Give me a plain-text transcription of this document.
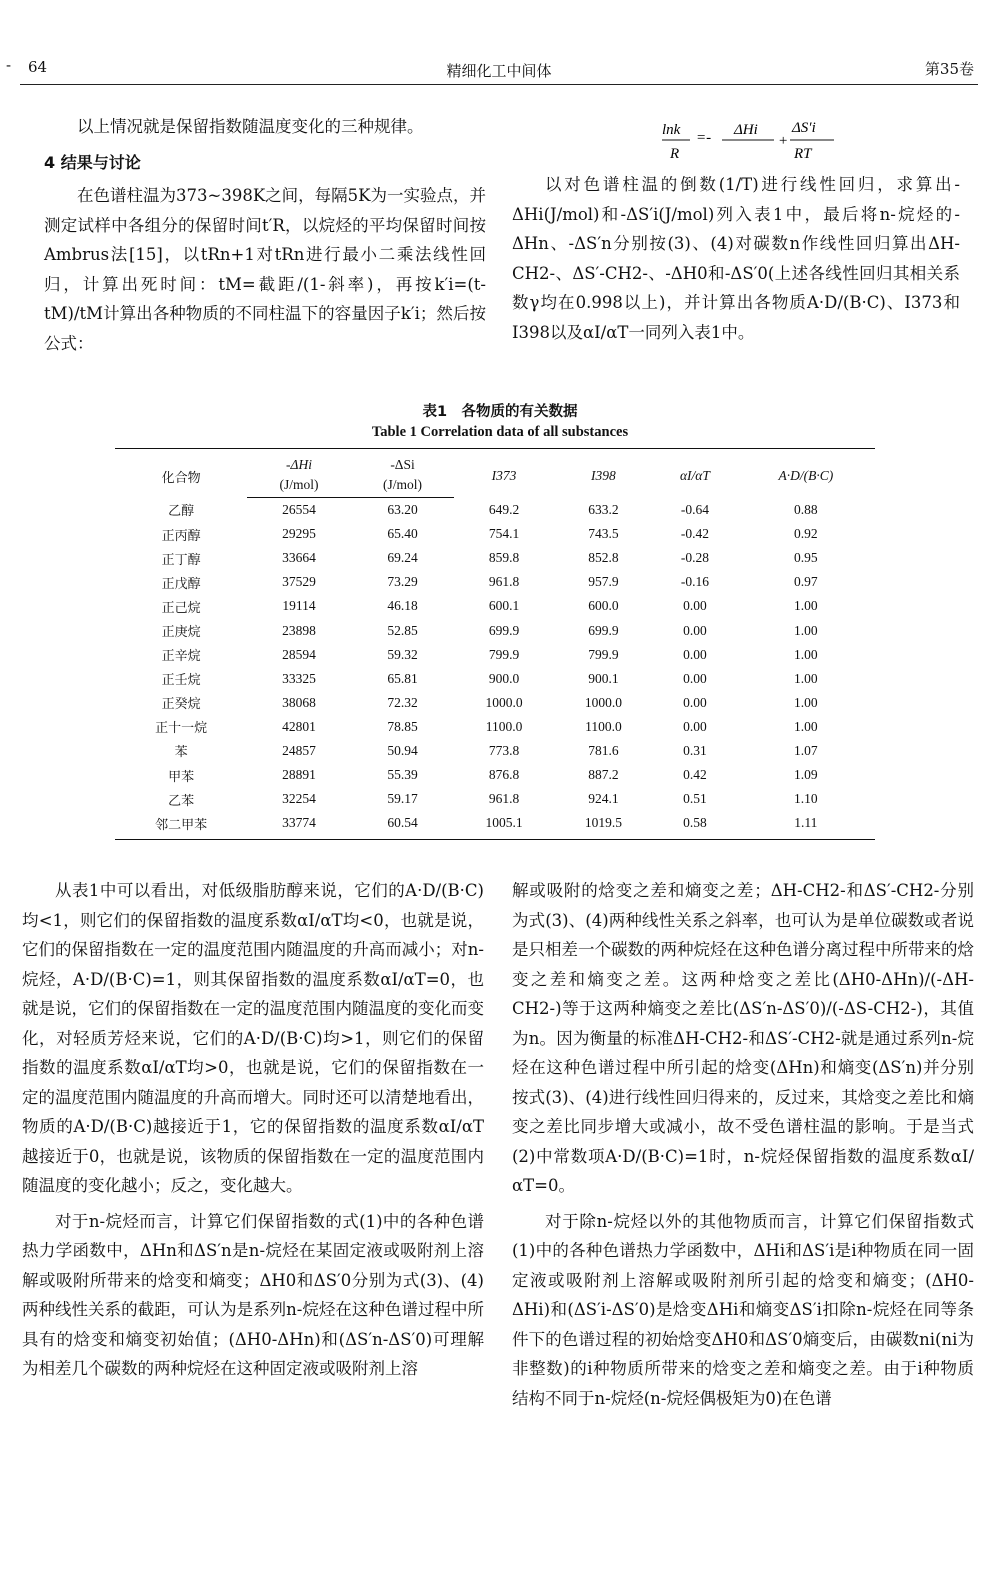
- 64	精细化工中间体	第35卷

以上情况就是保留指数随温度变化的三种规律。

4 结果与讨论

在色谱柱温为373~398K之间，每隔5K为一实验点，并测定试样中各组分的保留时间t′R，以烷烃的平均保留时间按Ambrus法[15]，以tRn+1对tRn进行最小二乘法线性回归，计算出死时间：tM=截距/(1-斜率)，再按k′i=(t-tM)/tM计算出各种物质的不同柱温下的容量因子k′i；然后按公式：

lnk
R
=- ΔHi
+
ΔS′i
RT

以对色谱柱温的倒数(1/T)进行线性回归，求算出-ΔHi(J/mol)和-ΔS′i(J/mol)列入表1中，最后将n-烷烃的-ΔHn、-ΔS′n分别按(3)、(4)对碳数n作线性回归算出ΔH-CH2-、ΔS′-CH2-、-ΔH0和-ΔS′0(上述各线性回归其相关系数γ均在0.998以上)，并计算出各物质A·D/(B·C)、I373和I398以及αI/αT一同列入表1中。

表1　各物质的有关数据
Table 1 Correlation data of all substances
化合物	-ΔHi	-ΔSi	I373	I398	αI/αT	A·D/(B·C)
	(J/mol)	(J/mol)				
乙醇	26554	63.20	649.2	633.2	-0.64	0.88
正丙醇	29295	65.40	754.1	743.5	-0.42	0.92
正丁醇	33664	69.24	859.8	852.8	-0.28	0.95
正戊醇	37529	73.29	961.8	957.9	-0.16	0.97
正己烷	19114	46.18	600.1	600.0	0.00	1.00
正庚烷	23898	52.85	699.9	699.9	0.00	1.00
正辛烷	28594	59.32	799.9	799.9	0.00	1.00
正壬烷	33325	65.81	900.0	900.1	0.00	1.00
正癸烷	38068	72.32	1000.0	1000.0	0.00	1.00
正十一烷	42801	78.85	1100.0	1100.0	0.00	1.00
苯	24857	50.94	773.8	781.6	0.31	1.07
甲苯	28891	55.39	876.8	887.2	0.42	1.09
乙苯	32254	59.17	961.8	924.1	0.51	1.10
邻二甲苯	33774	60.54	1005.1	1019.5	0.58	1.11

从表1中可以看出，对低级脂肪醇来说，它们的A·D/(B·C)均<1，则它们的保留指数的温度系数αI/αT均<0，也就是说，它们的保留指数在一定的温度范围内随温度的升高而减小；对n-烷烃，A·D/(B·C)=1，则其保留指数的温度系数αI/αT=0，也就是说，它们的保留指数在一定的温度范围内随温度的变化而变化，对轻质芳烃来说，它们的A·D/(B·C)均>1，则它们的保留指数的温度系数αI/αT均>0，也就是说，它们的保留指数在一定的温度范围内随温度的升高而增大。同时还可以清楚地看出，物质的A·D/(B·C)越接近于1，它的保留指数的温度系数αI/αT越接近于0，也就是说，该物质的保留指数在一定的温度范围内随温度的变化越小；反之，变化越大。

对于n-烷烃而言，计算它们保留指数的式(1)中的各种色谱热力学函数中，ΔHn和ΔS′n是n-烷烃在某固定液或吸附剂上溶解或吸附所带来的焓变和熵变；ΔH0和ΔS′0分别为式(3)、(4)两种线性关系的截距，可认为是系列n-烷烃在这种色谱过程中所具有的焓变和熵变初始值；(ΔH0-ΔHn)和(ΔS′n-ΔS′0)可理解为相差几个碳数的两种烷烃在这种固定液或吸附剂上溶

解或吸附的焓变之差和熵变之差；ΔH-CH2-和ΔS′-CH2-分别为式(3)、(4)两种线性关系之斜率，也可认为是单位碳数或者说是只相差一个碳数的两种烷烃在这种色谱分离过程中所带来的焓变之差和熵变之差。这两种焓变之差比(ΔH0-ΔHn)/(-ΔH-CH2-)等于这两种熵变之差比(ΔS′n-ΔS′0)/(-ΔS-CH2-)，其值为n。因为衡量的标准ΔH-CH2-和ΔS′-CH2-就是通过系列n-烷烃在这种色谱过程中所引起的焓变(ΔHn)和熵变(ΔS′n)并分别按式(3)、(4)进行线性回归得来的，反过来，其焓变之差比和熵变之差比同步增大或减小，故不受色谱柱温的影响。于是当式(2)中常数项A·D/(B·C)=1时，n-烷烃保留指数的温度系数αI/αT=0。

对于除n-烷烃以外的其他物质而言，计算它们保留指数式(1)中的各种色谱热力学函数中，ΔHi和ΔS′i是i种物质在同一固定液或吸附剂上溶解或吸附剂所引起的焓变和熵变；(ΔH0-ΔHi)和(ΔS′i-ΔS′0)是焓变ΔHi和熵变ΔS′i扣除n-烷烃在同等条件下的色谱过程的初始焓变ΔH0和ΔS′0熵变后，由碳数ni(ni为非整数)的i种物质所带来的焓变之差和熵变之差。由于i种物质结构不同于n-烷烃(n-烷烃偶极矩为0)在色谱
